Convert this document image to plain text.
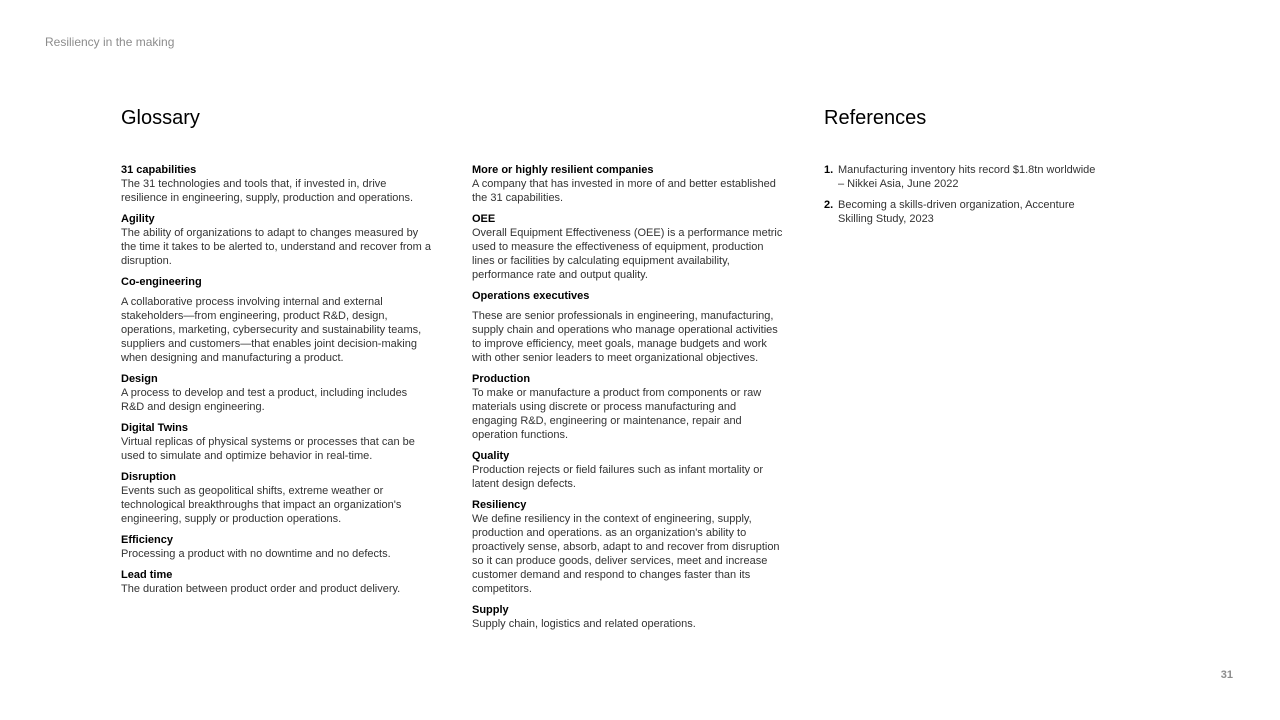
Resiliency in the making
Glossary	References
31 capabilities
The 31 technologies and tools that, if invested in, drive resilience in engineering, supply, production and operations.
Agility
The ability of organizations to adapt to changes measured by the time it takes to be alerted to, understand and recover from a disruption.
Co-engineering
A collaborative process involving internal and external stakeholders—from engineering, product R&D, design, operations, marketing, cybersecurity and sustainability teams, suppliers and customers—that enables joint decision-making when designing and manufacturing a product.
Design
A process to develop and test a product, including includes R&D and design engineering.
Digital Twins
Virtual replicas of physical systems or processes that can be used to simulate and optimize behavior in real-time.
Disruption
Events such as geopolitical shifts, extreme weather or technological breakthroughs that impact an organization's engineering, supply or production operations.
Efficiency
Processing a product with no downtime and no defects.
Lead time
The duration between product order and product delivery.
More or highly resilient companies
A company that has invested in more of and better established the 31 capabilities.
OEE
Overall Equipment Effectiveness (OEE) is a performance metric used to measure the effectiveness of equipment, production lines or facilities by calculating equipment availability, performance rate and output quality.
Operations executives
These are senior professionals in engineering, manufacturing, supply chain and operations who manage operational activities to improve efficiency, meet goals, manage budgets and work with other senior leaders to meet organizational objectives.
Production
To make or manufacture a product from components or raw materials using discrete or process manufacturing and engaging R&D, engineering or maintenance, repair and operation functions.
Quality
Production rejects or field failures such as infant mortality or latent design defects.
Resiliency
We define resiliency in the context of engineering, supply, production and operations. as an organization's ability to proactively sense, absorb, adapt to and recover from disruption so it can produce goods, deliver services, meet and increase customer demand and respond to changes faster than its competitors.
Supply
Supply chain, logistics and related operations.
1. Manufacturing inventory hits record $1.8tn worldwide – Nikkei Asia, June 2022
2. Becoming a skills-driven organization, Accenture Skilling Study, 2023
31
